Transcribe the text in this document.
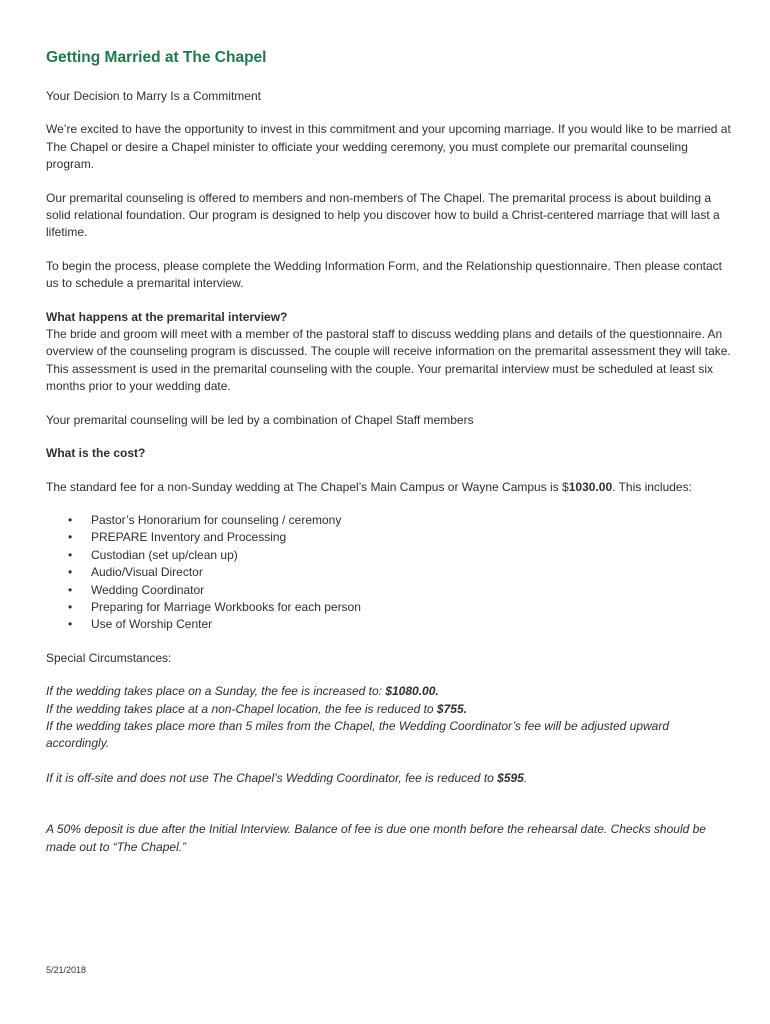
Getting Married at The Chapel

Your Decision to Marry Is a Commitment

We’re excited to have the opportunity to invest in this commitment and your upcoming marriage. If you would like to be married at The Chapel or desire a Chapel minister to officiate your wedding ceremony, you must complete our premarital counseling program.

Our premarital counseling is offered to members and non-members of The Chapel. The premarital process is about building a solid relational foundation. Our program is designed to help you discover how to build a Christ-centered marriage that will last a lifetime.

To begin the process, please complete the Wedding Information Form, and the Relationship questionnaire. Then please contact us to schedule a premarital interview.

What happens at the premarital interview?

The bride and groom will meet with a member of the pastoral staff to discuss wedding plans and details of the questionnaire. An overview of the counseling program is discussed. The couple will receive information on the premarital assessment they will take. This assessment is used in the premarital counseling with the couple. Your premarital interview must be scheduled at least six months prior to your wedding date.

Your premarital counseling will be led by a combination of Chapel Staff members

What is the cost?

The standard fee for a non-Sunday wedding at The Chapel’s Main Campus or Wayne Campus is $1030.00. This includes:

• Pastor’s Honorarium for counseling / ceremony
• PREPARE Inventory and Processing
• Custodian (set up/clean up)
• Audio/Visual Director
• Wedding Coordinator
• Preparing for Marriage Workbooks for each person
• Use of Worship Center

Special Circumstances:

If the wedding takes place on a Sunday, the fee is increased to: $1080.00.

If the wedding takes place at a non-Chapel location, the fee is reduced to $755.

If the wedding takes place more than 5 miles from the Chapel, the Wedding Coordinator’s fee will be adjusted upward accordingly.

If it is off-site and does not use The Chapel’s Wedding Coordinator, fee is reduced to $595.

A 50% deposit is due after the Initial Interview. Balance of fee is due one month before the rehearsal date. Checks should be made out to “The Chapel.”

5/21/2018
